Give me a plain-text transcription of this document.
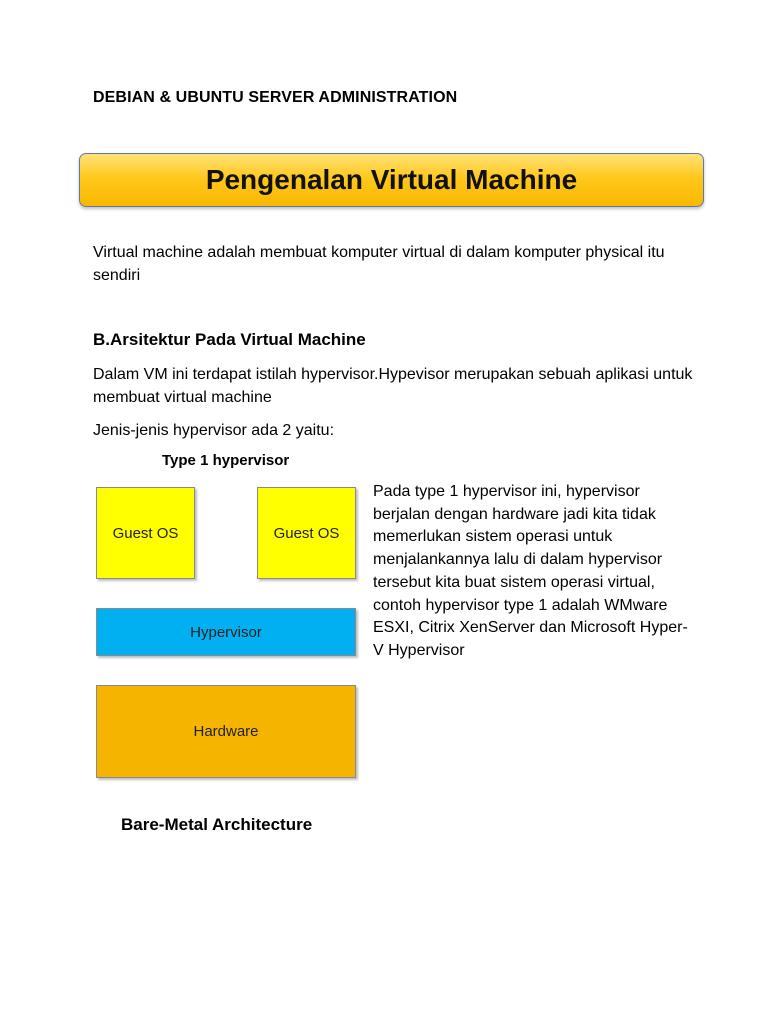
DEBIAN & UBUNTU SERVER ADMINISTRATION
Pengenalan Virtual Machine
Virtual machine adalah membuat komputer virtual di dalam komputer physical itu sendiri
B.Arsitektur Pada Virtual Machine
Dalam VM ini terdapat istilah hypervisor.Hypevisor merupakan sebuah aplikasi untuk membuat virtual machine
Jenis-jenis hypervisor ada 2 yaitu:
Type 1 hypervisor
Guest OS	Guest OS
Hypervisor
Hardware
Pada type 1 hypervisor ini, hypervisor berjalan dengan hardware jadi kita tidak memerlukan sistem operasi untuk menjalankannya lalu di dalam hypervisor tersebut kita buat sistem operasi virtual, contoh hypervisor type 1 adalah WMware ESXI, Citrix XenServer dan Microsoft Hyper-V Hypervisor
Bare-Metal Architecture
